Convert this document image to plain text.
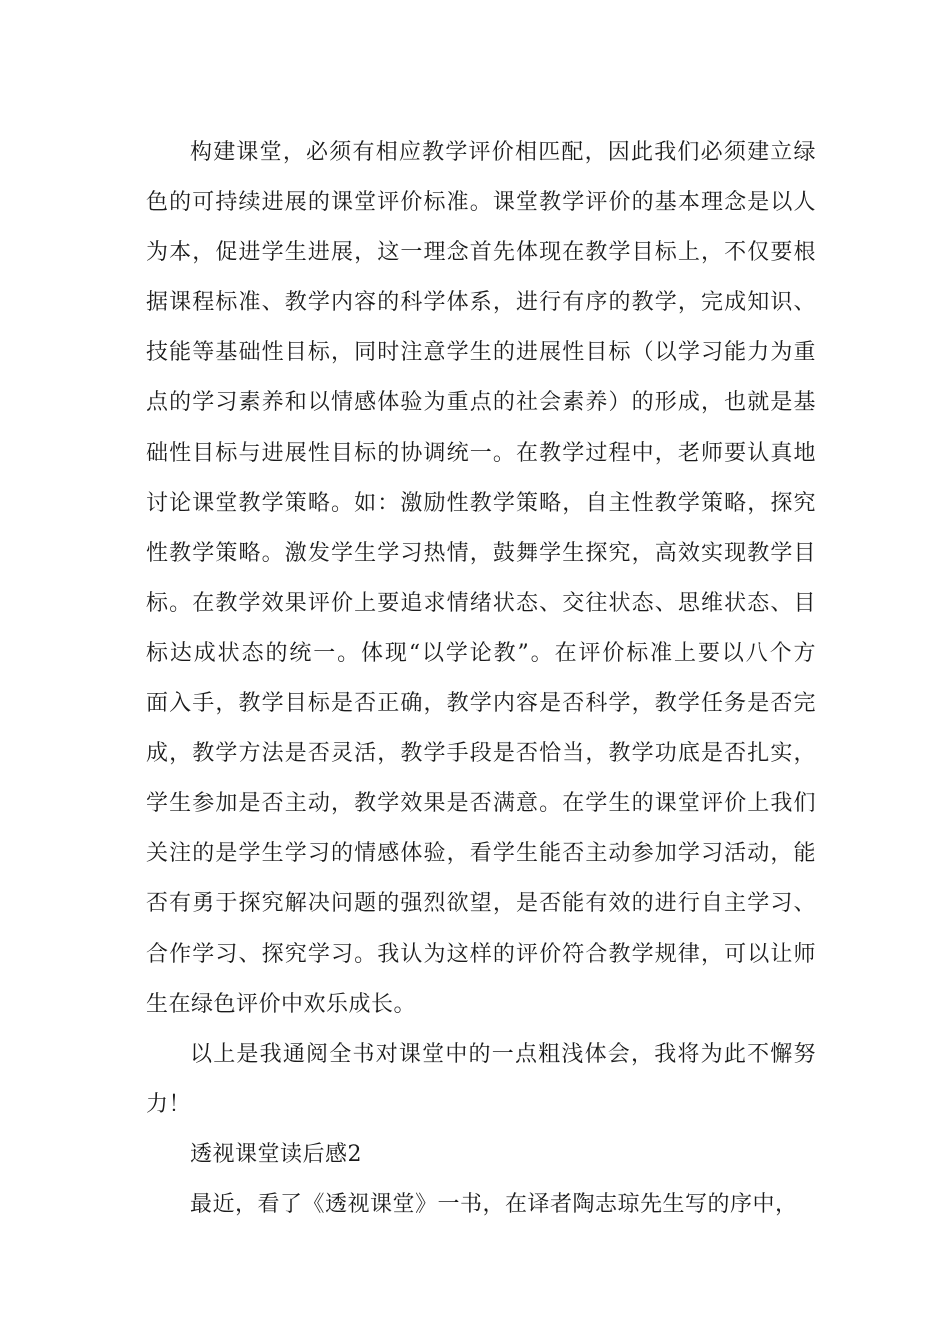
构建课堂，必须有相应教学评价相匹配，因此我们必须建立绿
色的可持续进展的课堂评价标准。课堂教学评价的基本理念是以人
为本，促进学生进展，这一理念首先体现在教学目标上，不仅要根
据课程标准、教学内容的科学体系，进行有序的教学，完成知识、
技能等基础性目标，同时注意学生的进展性目标（以学习能力为重
点的学习素养和以情感体验为重点的社会素养）的形成，也就是基
础性目标与进展性目标的协调统一。在教学过程中，老师要认真地
讨论课堂教学策略。如：激励性教学策略，自主性教学策略，探究
性教学策略。激发学生学习热情，鼓舞学生探究，高效实现教学目
标。在教学效果评价上要追求情绪状态、交往状态、思维状态、目
标达成状态的统一。体现“以学论教”。在评价标准上要以八个方
面入手，教学目标是否正确，教学内容是否科学，教学任务是否完
成，教学方法是否灵活，教学手段是否恰当，教学功底是否扎实，
学生参加是否主动，教学效果是否满意。在学生的课堂评价上我们
关注的是学生学习的情感体验，看学生能否主动参加学习活动，能
否有勇于探究解决问题的强烈欲望，是否能有效的进行自主学习、
合作学习、探究学习。我认为这样的评价符合教学规律，可以让师
生在绿色评价中欢乐成长。
以上是我通阅全书对课堂中的一点粗浅体会，我将为此不懈努
力！
透视课堂读后感2
最近，看了《透视课堂》一书，在译者陶志琼先生写的序中，
